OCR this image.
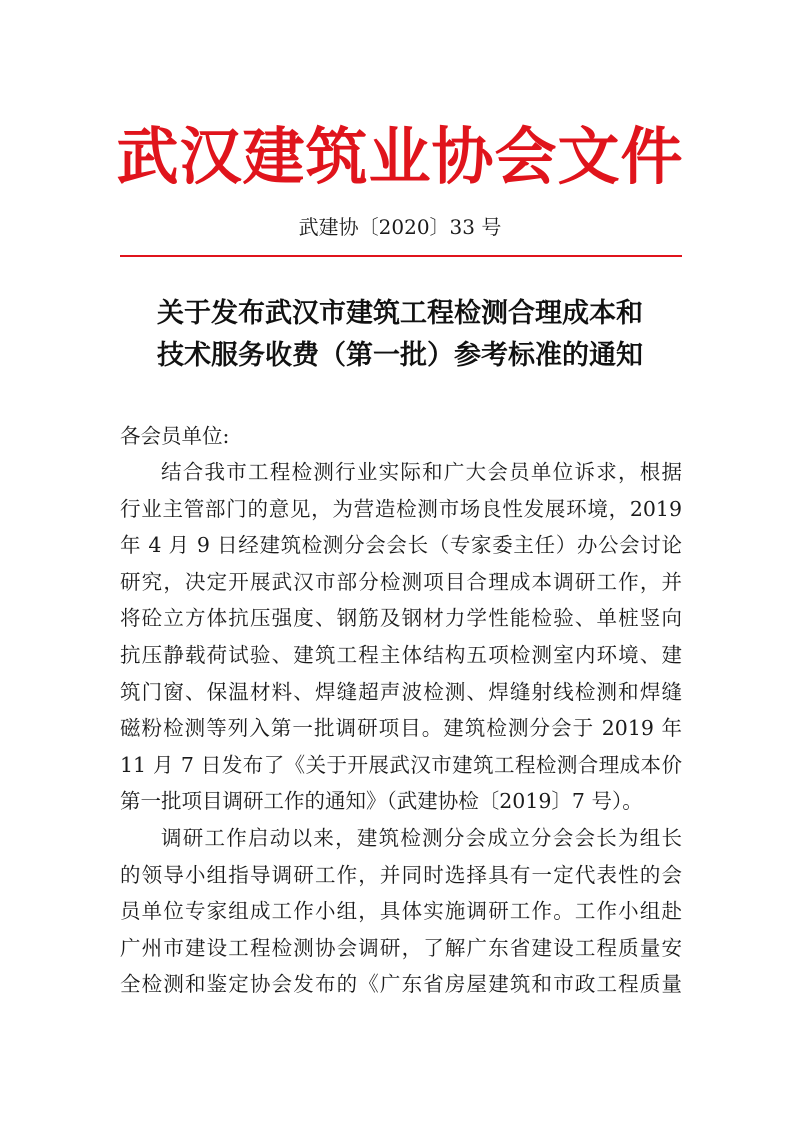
武汉建筑业协会文件
武建协〔2020〕33 号
关于发布武汉市建筑工程检测合理成本和
技术服务收费（第一批）参考标准的通知
各会员单位:
结合我市工程检测行业实际和广大会员单位诉求，根据
行业主管部门的意见，为营造检测市场良性发展环境，2019
年 4 月 9 日经建筑检测分会会长（专家委主任）办公会讨论
研究，决定开展武汉市部分检测项目合理成本调研工作，并
将砼立方体抗压强度、钢筋及钢材力学性能检验、单桩竖向
抗压静载荷试验、建筑工程主体结构五项检测室内环境、建
筑门窗、保温材料、焊缝超声波检测、焊缝射线检测和焊缝
磁粉检测等列入第一批调研项目。建筑检测分会于 2019 年
11 月 7 日发布了《关于开展武汉市建筑工程检测合理成本价
第一批项目调研工作的通知》（武建协检〔2019〕7 号）。
调研工作启动以来，建筑检测分会成立分会会长为组长
的领导小组指导调研工作，并同时选择具有一定代表性的会
员单位专家组成工作小组，具体实施调研工作。工作小组赴
广州市建设工程检测协会调研，了解广东省建设工程质量安
全检测和鉴定协会发布的《广东省房屋建筑和市政工程质量
